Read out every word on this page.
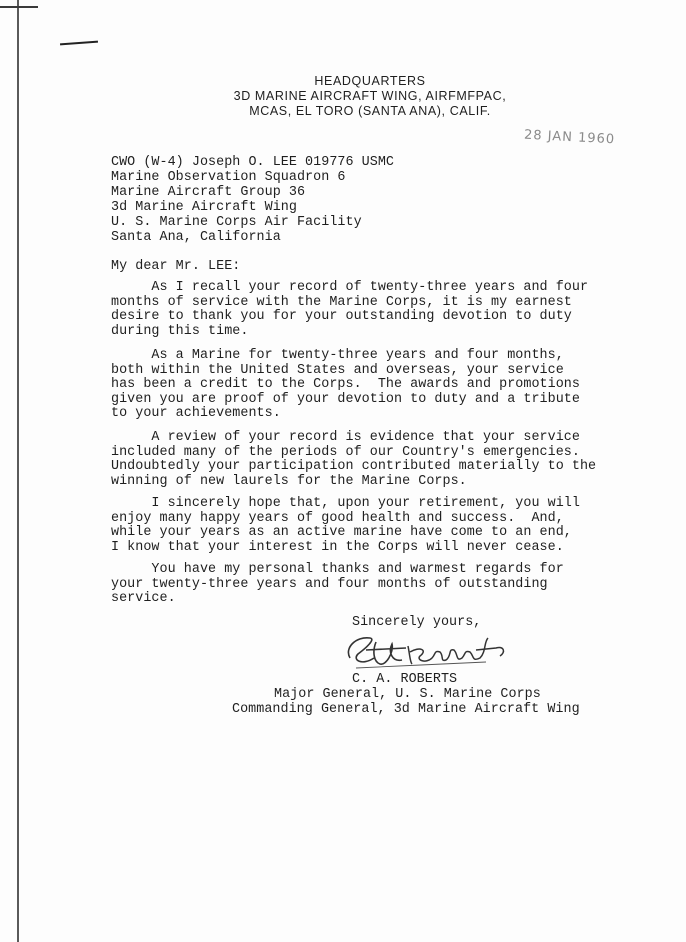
HEADQUARTERS
3D MARINE AIRCRAFT WING, AIRFMFPAC,
MCAS, EL TORO (SANTA ANA), CALIF.
28 JAN 1960
CWO (W-4) Joseph O. LEE 019776 USMC
Marine Observation Squadron 6
Marine Aircraft Group 36
3d Marine Aircraft Wing
U. S. Marine Corps Air Facility
Santa Ana, California
My dear Mr. LEE:
As I recall your record of twenty-three years and four
months of service with the Marine Corps, it is my earnest
desire to thank you for your outstanding devotion to duty
during this time.
As a Marine for twenty-three years and four months,
both within the United States and overseas, your service
has been a credit to the Corps.  The awards and promotions
given you are proof of your devotion to duty and a tribute
to your achievements.
A review of your record is evidence that your service
included many of the periods of our Country's emergencies.
Undoubtedly your participation contributed materially to the
winning of new laurels for the Marine Corps.
I sincerely hope that, upon your retirement, you will
enjoy many happy years of good health and success.  And,
while your years as an active marine have come to an end,
I know that your interest in the Corps will never cease.
You have my personal thanks and warmest regards for
your twenty-three years and four months of outstanding
service.
Sincerely yours,
C. A. ROBERTS
Major General, U. S. Marine Corps
Commanding General, 3d Marine Aircraft Wing
